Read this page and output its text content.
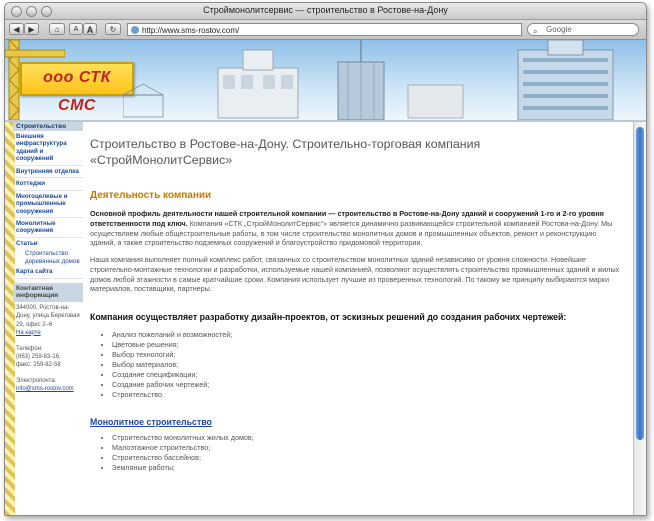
Строймонолитсервис — строительство в Ростове-на-Дону
◀	▶	⌂	A A	↻	http://www.sms-rostov.com/	⌕ Google
ооо СТК СМС
Строительство
Внешняя инфраструктура зданий и сооружений
Внутренняя отделка
Коттеджи
Многоцелевые и промышленные сооружения
Монолитные сооружения
Статьи
Строительство деревянных домов
Карта сайта
Контактная информация
344000, Ростов-на-Дону, улица Береговая 29, офис 2–6
На карте

Телефон:
(863) 259-83-16,
факс: 259-82-58

Электропочта:
info@sms-rostov.com
Строительство в Ростове-на-Дону. Строительно-торговая компания «СтройМонолитСервис»
Деятельность компании

Основной профиль деятельности нашей строительной компании — строительство в Ростове-на-Дону зданий и сооружений 1-го и 2-го уровня ответственности под ключ. Компания «СТК „СтройМонолитСервис“» является динамично развивающейся строительной компанией Ростова-на-Дону. Мы осуществляем любые общестроительные работы, в том числе строительство монолитных домов и промышленных объектов, ремонт и реконструкцию зданий, а также строительство подземных сооружений и благоустройство придомовой территории.

Наша компания выполняет полный комплекс работ, связанных со строительством монолитных зданий независимо от уровня сложности. Новейшие строительно-монтажные технологии и разработки, используемые нашей компанией, позволяют осуществлять строительство промышленных зданий и жилых домов любой этажности в самые кратчайшие сроки. Компания использует лучшие из проверенных технологий. По такому же принципу выбираются марки материалов, поставщики, партнеры.

Компания осуществляет разработку дизайн-проектов, от эскизных решений до создания рабочих чертежей:
• Анализ пожеланий и возможностей;
• Цветовые решения;
• Выбор технологий;
• Выбор материалов;
• Создание спецификации;
• Создание рабочих чертежей;
• Строительство.
Монолитное строительство
• Строительство монолитных жилых домов;
• Малоэтажное строительство;
• Строительство бассейнов;
• Земляные работы;
